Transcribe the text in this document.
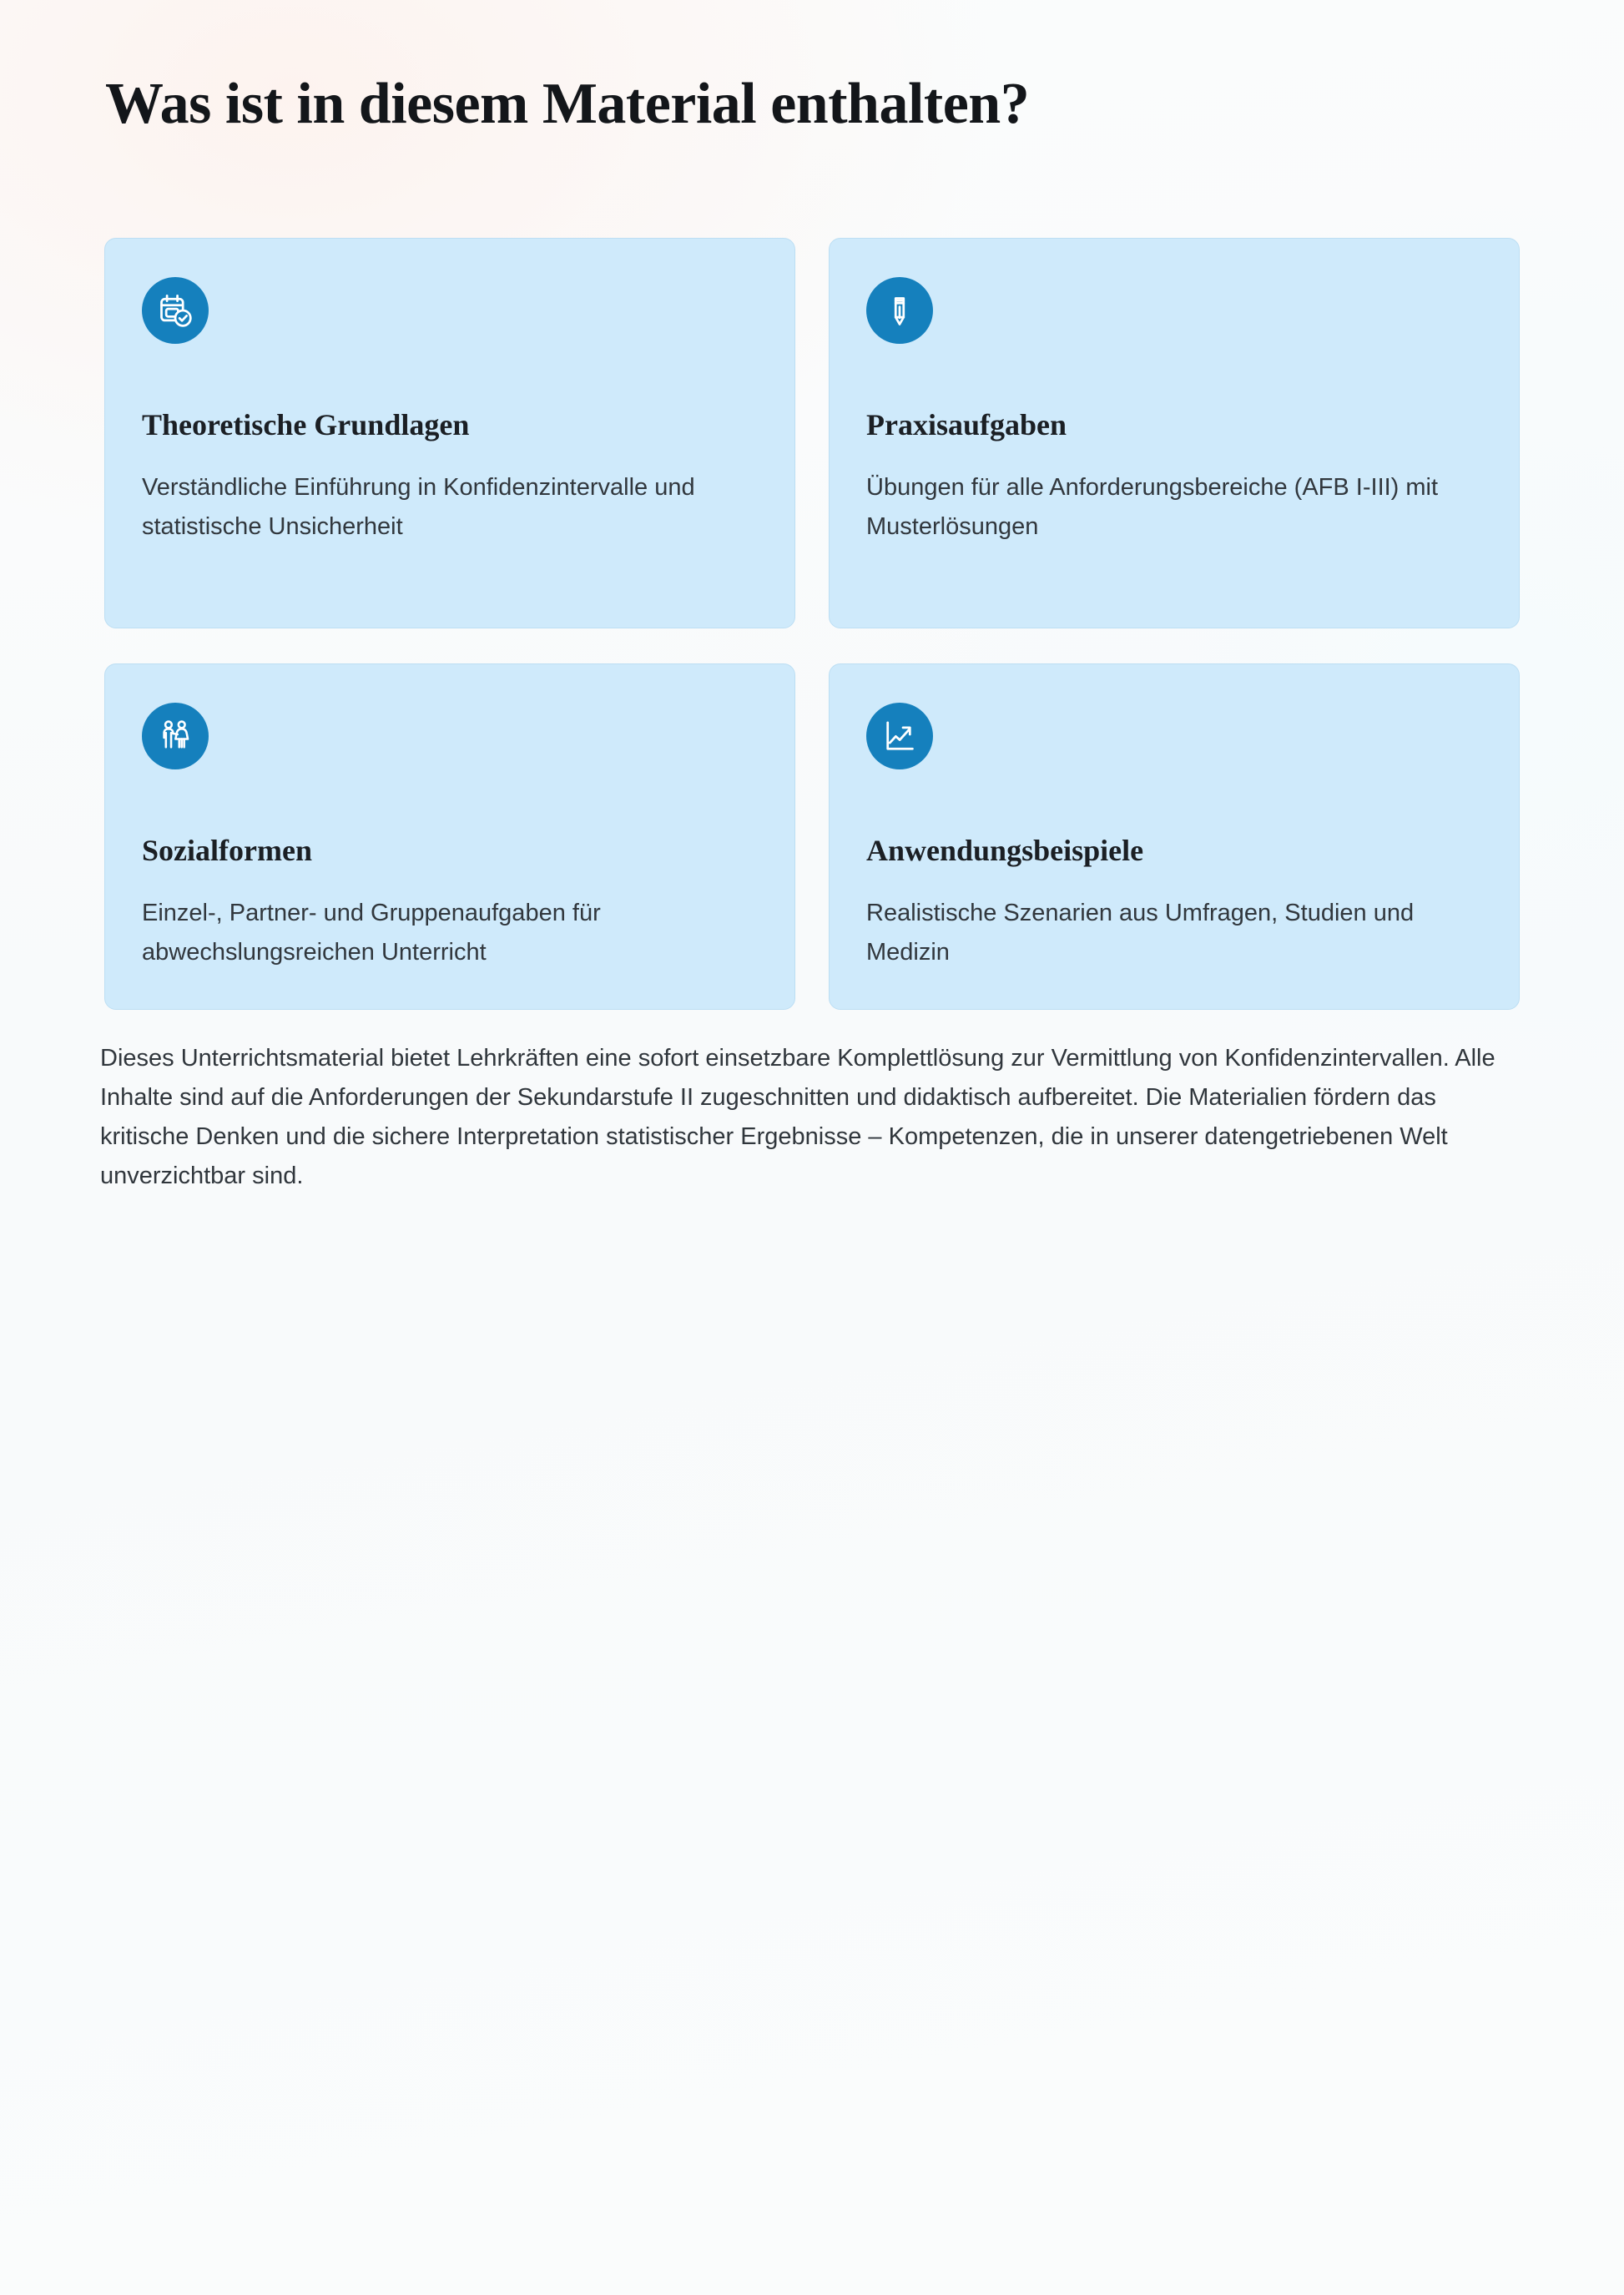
Was ist in diesem Material enthalten?
Theoretische Grundlagen
Verständliche Einführung in Konfidenzintervalle und statistische Unsicherheit
Praxisaufgaben
Übungen für alle Anforderungsbereiche (AFB I-III) mit Musterlösungen
Sozialformen
Einzel-, Partner- und Gruppenaufgaben für abwechslungsreichen Unterricht
Anwendungsbeispiele
Realistische Szenarien aus Umfragen, Studien und Medizin

Dieses Unterrichtsmaterial bietet Lehrkräften eine sofort einsetzbare Komplettlösung zur Vermittlung von Konfidenzintervallen. Alle Inhalte sind auf die Anforderungen der Sekundarstufe II zugeschnitten und didaktisch aufbereitet. Die Materialien fördern das kritische Denken und die sichere Interpretation statistischer Ergebnisse – Kompetenzen, die in unserer datengetriebenen Welt unverzichtbar sind.
